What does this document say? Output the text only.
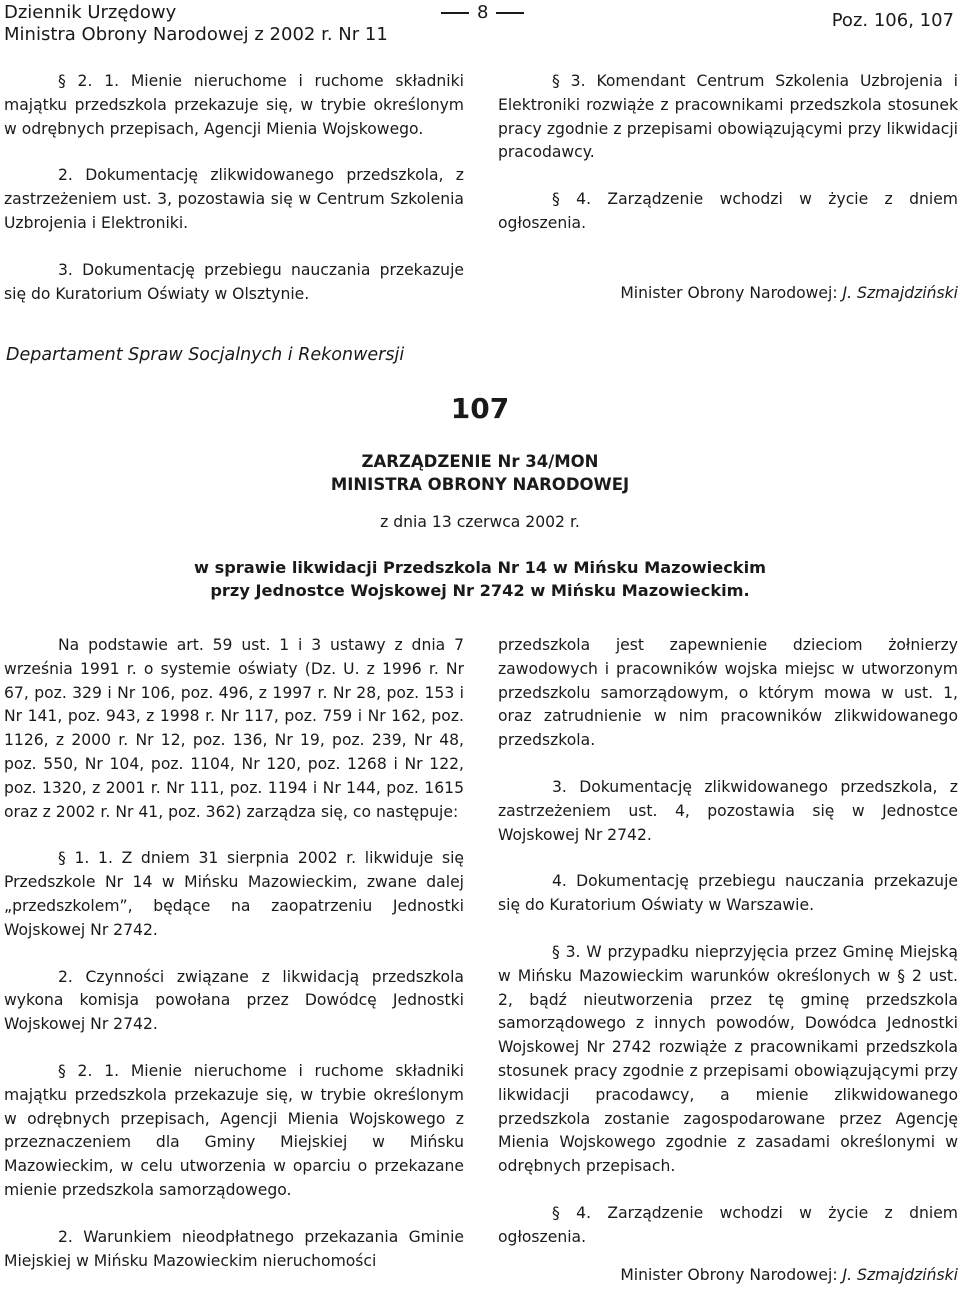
Dziennik Urzędowy
Ministra Obrony Narodowej z 2002 r. Nr 11
8	Poz. 106, 107

§ 2. 1. Mienie nieruchome i ruchome składniki majątku przedszkola przekazuje się, w trybie określonym w odrębnych przepisach, Agencji Mienia Wojskowego.

2. Dokumentację zlikwidowanego przedszkola, z zastrzeżeniem ust. 3, pozostawia się w Centrum Szkolenia Uzbrojenia i Elektroniki.

3. Dokumentację przebiegu nauczania przekazuje się do Kuratorium Oświaty w Olsztynie.

§ 3. Komendant Centrum Szkolenia Uzbrojenia i Elektroniki rozwiąże z pracownikami przedszkola stosunek pracy zgodnie z przepisami obowiązującymi przy likwidacji pracodawcy.

§ 4. Zarządzenie wchodzi w życie z dniem ogłoszenia.

Minister Obrony Narodowej: J. Szmajdziński

Departament Spraw Socjalnych i Rekonwersji
107
ZARZĄDZENIE Nr 34/MON
MINISTRA OBRONY NARODOWEJ
z dnia 13 czerwca 2002 r.
w sprawie likwidacji Przedszkola Nr 14 w Mińsku Mazowieckim
przy Jednostce Wojskowej Nr 2742 w Mińsku Mazowieckim.

Na podstawie art. 59 ust. 1 i 3 ustawy z dnia 7 września 1991 r. o systemie oświaty (Dz. U. z 1996 r. Nr 67, poz. 329 i Nr 106, poz. 496, z 1997 r. Nr 28, poz. 153 i Nr 141, poz. 943, z 1998 r. Nr 117, poz. 759 i Nr 162, poz. 1126, z 2000 r. Nr 12, poz. 136, Nr 19, poz. 239, Nr 48, poz. 550, Nr 104, poz. 1104, Nr 120, poz. 1268 i Nr 122, poz. 1320, z 2001 r. Nr 111, poz. 1194 i Nr 144, poz. 1615 oraz z 2002 r. Nr 41, poz. 362) zarządza się, co następuje:

§ 1. 1. Z dniem 31 sierpnia 2002 r. likwiduje się Przedszkole Nr 14 w Mińsku Mazowieckim, zwane dalej „przedszkolem”, będące na zaopatrzeniu Jednostki Wojskowej Nr 2742.

2. Czynności związane z likwidacją przedszkola wykona komisja powołana przez Dowódcę Jednostki Wojskowej Nr 2742.

§ 2. 1. Mienie nieruchome i ruchome składniki majątku przedszkola przekazuje się, w trybie określonym w odrębnych przepisach, Agencji Mienia Wojskowego z przeznaczeniem dla Gminy Miejskiej w Mińsku Mazowieckim, w celu utworzenia w oparciu o przekazane mienie przedszkola samorządowego.

2. Warunkiem nieodpłatnego przekazania Gminie Miejskiej w Mińsku Mazowieckim nieruchomości

przedszkola jest zapewnienie dzieciom żołnierzy zawodowych i pracowników wojska miejsc w utworzonym przedszkolu samorządowym, o którym mowa w ust. 1, oraz zatrudnienie w nim pracowników zlikwidowanego przedszkola.

3. Dokumentację zlikwidowanego przedszkola, z zastrzeżeniem ust. 4, pozostawia się w Jednostce Wojskowej Nr 2742.

4. Dokumentację przebiegu nauczania przekazuje się do Kuratorium Oświaty w Warszawie.

§ 3. W przypadku nieprzyjęcia przez Gminę Miejską w Mińsku Mazowieckim warunków określonych w § 2 ust. 2, bądź nieutworzenia przez tę gminę przedszkola samorządowego z innych powodów, Dowódca Jednostki Wojskowej Nr 2742 rozwiąże z pracownikami przedszkola stosunek pracy zgodnie z przepisami obowiązującymi przy likwidacji pracodawcy, a mienie zlikwidowanego przedszkola zostanie zagospodarowane przez Agencję Mienia Wojskowego zgodnie z zasadami określonymi w odrębnych przepisach.

§ 4. Zarządzenie wchodzi w życie z dniem ogłoszenia.

Minister Obrony Narodowej: J. Szmajdziński
